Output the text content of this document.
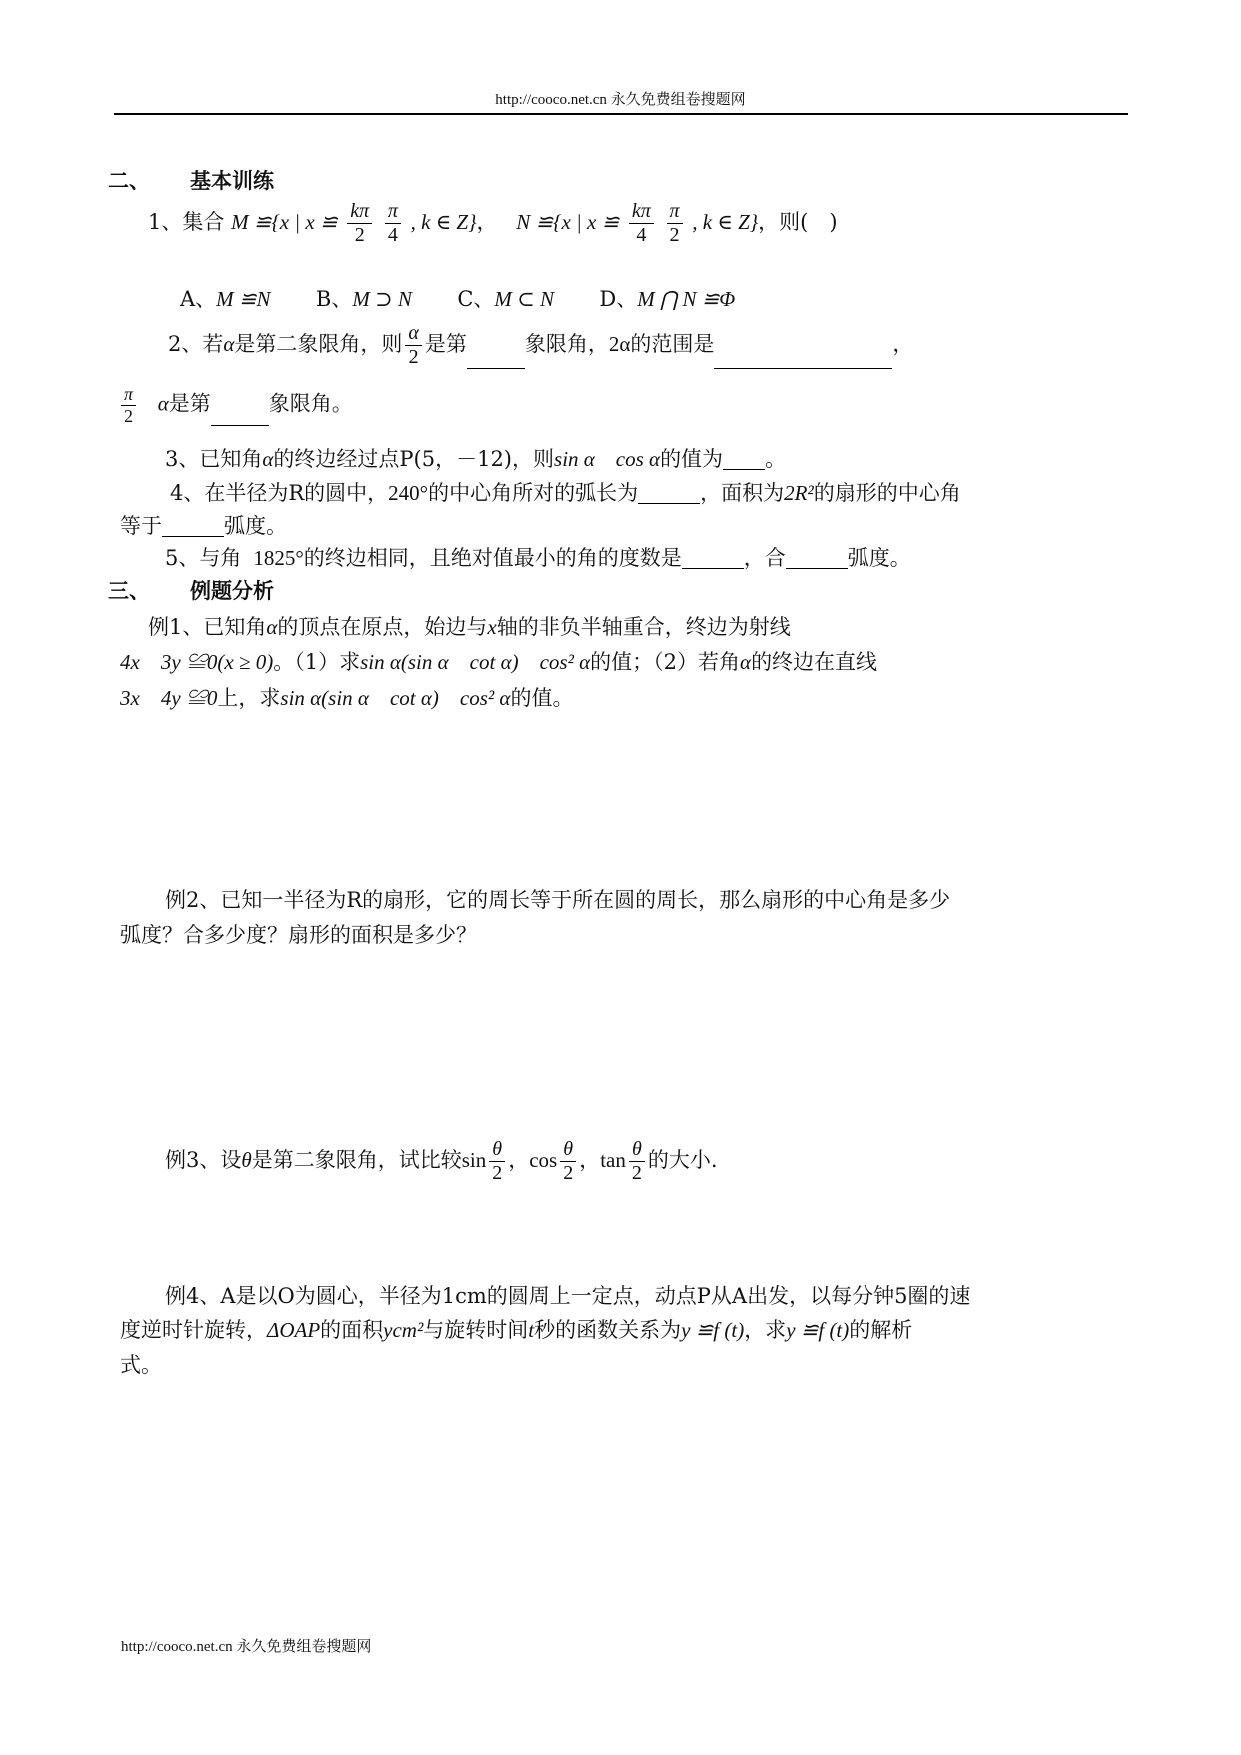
http://cooco.net.cn 永久免费组卷搜题网
二、 基本训练
1、集合 M ≌{x | x ≌ $\frac{k\pi}{2}$
$\frac{\pi}{4}$ , k ∈ Z}， N ≌{x | x ≌ $\frac{k\pi}{4}$
$\frac{\pi}{2}$ , k ∈ Z}，则(　)
A、M ≌N B、M ⊃ N C、M ⊂ N D、M ⋂ N ≌Φ
2、若α是第二象限角，则 $\frac{\alpha}{2}$ 是第	象限角，2α的范围是	，
$\frac{\pi}{2}$ α是第	象限角。
3、已知角α的终边经过点P(5，－12)，则sin α　cos α的值为 。
4、在半径为R的圆中，240°的中心角所对的弧长为	，面积为2R²的扇形的中心角
等于	弧度。
5、与角 1825°的终边相同，且绝对值最小的角的度数是	，合	弧度。
三、 例题分析
例1、已知角α的顶点在原点，始边与x轴的非负半轴重合，终边为射线
4x　3y ≌0(x ≥ 0)。（1）求sin α(sin α　cot α)　cos² α的值；（2）若角α的终边在直线
3x　4y ≌0上，求sin α(sin α　cot α)　cos² α的值。
例2、已知一半径为R的扇形，它的周长等于所在圆的周长，那么扇形的中心角是多少
弧度？合多少度？扇形的面积是多少？
例3、设θ是第二象限角，试比较$\sin \frac{\theta}{2}$ ，$\cos \frac{\theta}{2}$ ，$\tan \frac{\theta}{2}$ 的大小.
例4、A是以O为圆心，半径为1cm的圆周上一定点，动点P从A出发，以每分钟5圈的速
度逆时针旋转，ΔOAP的面积ycm²与旋转时间t秒的函数关系为y ≌f (t)，求y ≌f (t)的解析
式。
http://cooco.net.cn 永久免费组卷搜题网
